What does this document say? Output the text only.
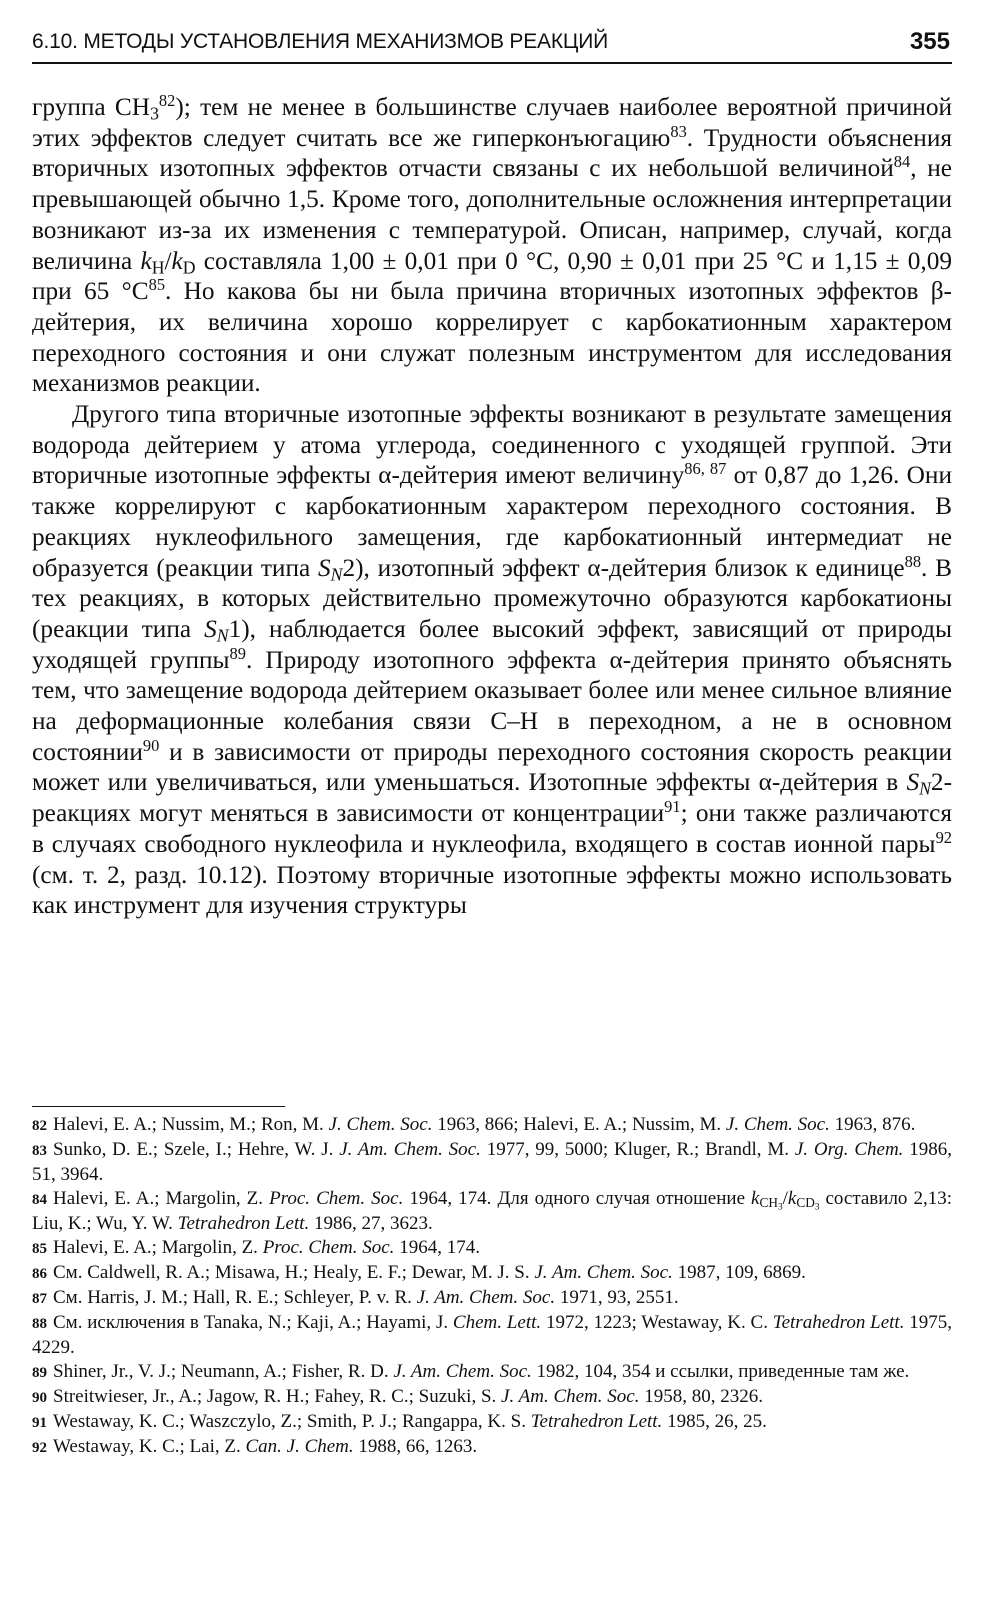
6.10. МЕТОДЫ УСТАНОВЛЕНИЯ МЕХАНИЗМОВ РЕАКЦИЙ	355

группа $CH_3^{82}$); тем не менее в большинстве случаев наиболее вероятной причиной этих эффектов следует считать все же гиперконъюгацию$^{83}$. Трудности объяснения вторичных изотопных эффектов отчасти связаны с их небольшой величиной$^{84}$, не превышающей обычно 1,5. Кроме того, дополнительные осложнения интерпретации возникают из-за их изменения с температурой. Описан, например, случай, когда величина $k_H/k_D$ составляла 1,00 ± 0,01 при 0 °C, 0,90 ± 0,01 при 25 °C и 1,15 ± 0,09 при 65 $^\circ C^{85}$. Но какова бы ни была причина вторичных изотопных эффектов β-дейтерия, их величина хорошо коррелирует с карбокатионным характером переходного состояния и они служат полезным инструментом для исследования механизмов реакции.

Другого типа вторичные изотопные эффекты возникают в результате замещения водорода дейтерием у атома углерода, соединенного с уходящей группой. Эти вторичные изотопные эффекты α-дейтерия имеют величину$^{86, 87}$ от 0,87 до 1,26. Они также коррелируют с карбокатионным характером переходного состояния. В реакциях нуклеофильного замещения, где карбокатионный интермедиат не образуется (реакции типа $S_N2$), изотопный эффект α-дейтерия близок к единице$^{88}$. В тех реакциях, в которых действительно промежуточно образуются карбокатионы (реакции типа $S_N1$), наблюдается более высокий эффект, зависящий от природы уходящей группы$^{89}$. Природу изотопного эффекта α-дейтерия принято объяснять тем, что замещение водорода дейтерием оказывает более или менее сильное влияние на деформационные колебания связи C–H в переходном, а не в основном состоянии$^{90}$ и в зависимости от природы переходного состояния скорость реакции может или увеличиваться, или уменьшаться. Изотопные эффекты α-дейтерия в $S_N2$-реакциях могут меняться в зависимости от концентрации$^{91}$; они также различаются в случаях свободного нуклеофила и нуклеофила, входящего в состав ионной пары$^{92}$ (см. т. 2, разд. 10.12). Поэтому вторичные изотопные эффекты можно использовать как инструмент для изучения структуры

82 Halevi, E. A.; Nussim, M.; Ron, M. J. Chem. Soc. 1963, 866; Halevi, E. A.; Nussim, M. J. Chem. Soc. 1963, 876.

83 Sunko, D. E.; Szele, I.; Hehre, W. J. J. Am. Chem. Soc. 1977, 99, 5000; Kluger, R.; Brandl, M. J. Org. Chem. 1986, 51, 3964.

84 Halevi, E. A.; Margolin, Z. Proc. Chem. Soc. 1964, 174. Для одного случая отношение $k_{CH_3}/k_{CD_3}$ составило 2,13: Liu, K.; Wu, Y. W. Tetrahedron Lett. 1986, 27, 3623.

85 Halevi, E. A.; Margolin, Z. Proc. Chem. Soc. 1964, 174.

86 См. Caldwell, R. A.; Misawa, H.; Healy, E. F.; Dewar, M. J. S. J. Am. Chem. Soc. 1987, 109, 6869.

87 См. Harris, J. M.; Hall, R. E.; Schleyer, P. v. R. J. Am. Chem. Soc. 1971, 93, 2551.

88 См. исключения в Tanaka, N.; Kaji, A.; Hayami, J. Chem. Lett. 1972, 1223; Westaway, K. C. Tetrahedron Lett. 1975, 4229.

89 Shiner, Jr., V. J.; Neumann, A.; Fisher, R. D. J. Am. Chem. Soc. 1982, 104, 354 и ссылки, приведенные там же.

90 Streitwieser, Jr., A.; Jagow, R. H.; Fahey, R. C.; Suzuki, S. J. Am. Chem. Soc. 1958, 80, 2326.

91 Westaway, K. C.; Waszczylo, Z.; Smith, P. J.; Rangappa, K. S. Tetrahedron Lett. 1985, 26, 25.

92 Westaway, K. C.; Lai, Z. Can. J. Chem. 1988, 66, 1263.
